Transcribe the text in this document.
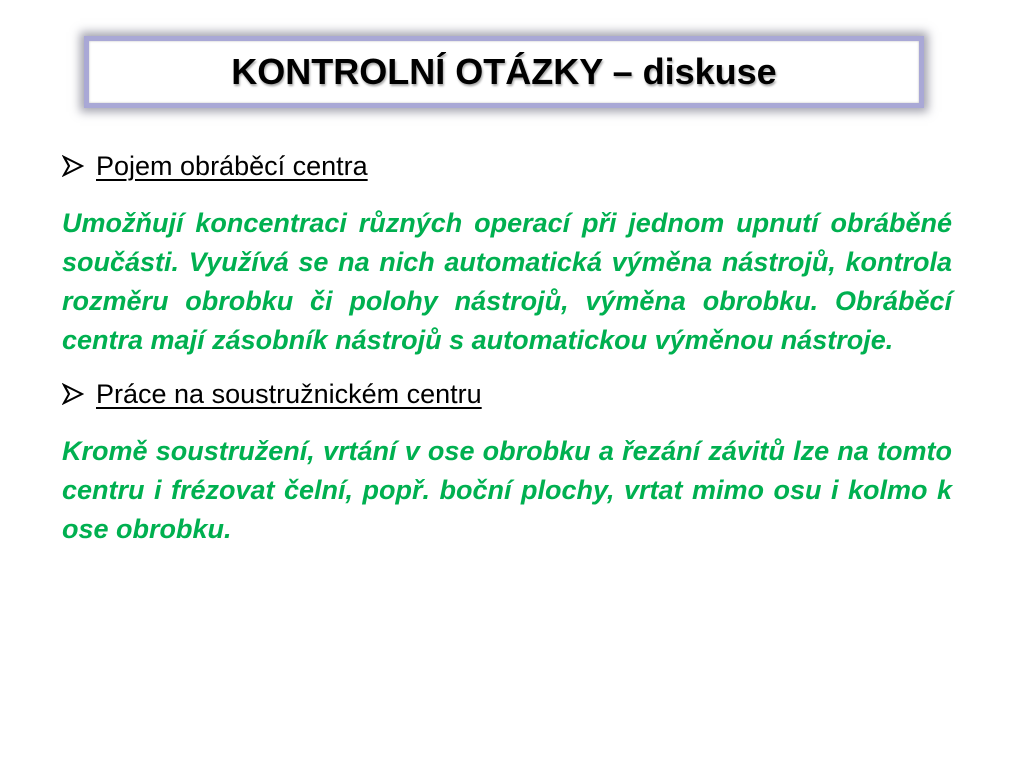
KONTROLNÍ OTÁZKY – diskuse
Pojem obráběcí centra

Umožňují koncentraci různých operací při jednom upnutí obráběné součásti. Využívá se na nich automatická výměna nástrojů, kontrola rozměru obrobku či polohy nástrojů, výměna obrobku. Obráběcí centra mají zásobník nástrojů s automatickou výměnou nástroje.

Práce na soustružnickém centru

Kromě soustružení, vrtání v ose obrobku a řezání závitů lze na tomto centru i frézovat čelní, popř. boční plochy, vrtat mimo osu i kolmo k ose obrobku.
